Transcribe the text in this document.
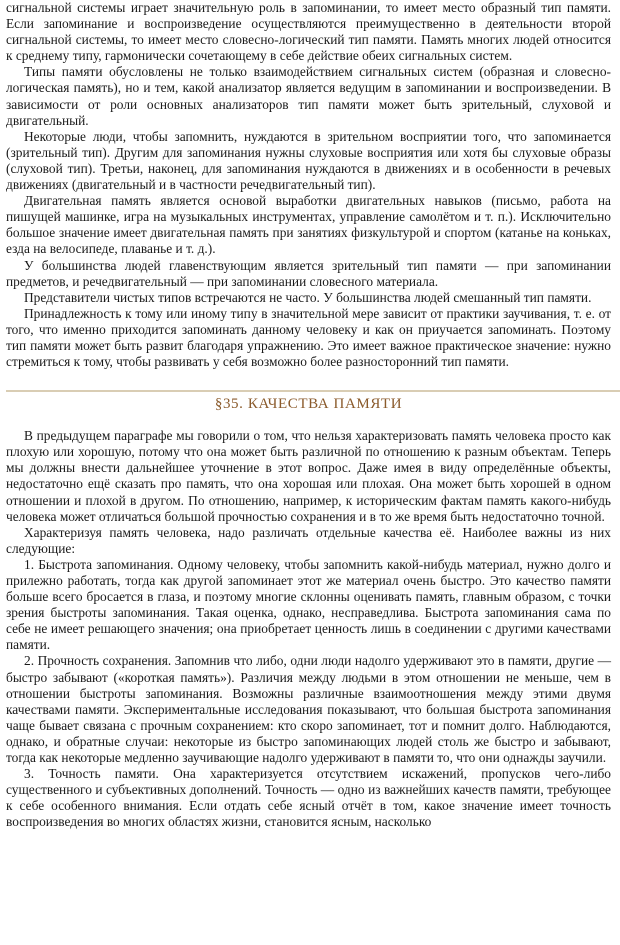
сигнальной системы играет значительную роль в запоминании, то имеет место образный тип памяти. Если запоминание и воспроизведение осуществляются преимущественно в деятельности второй сигнальной системы, то имеет место словесно-логический тип памяти. Память многих людей относится к среднему типу, гармонически сочетающему в себе действие обеих сигнальных систем.

Типы памяти обусловлены не только взаимодействием сигнальных систем (образная и словесно-логическая память), но и тем, какой анализатор является ведущим в запоминании и воспроизведении. В зависимости от роли основных анализаторов тип памяти может быть зрительный, слуховой и двигательный.

Некоторые люди, чтобы запомнить, нуждаются в зрительном восприятии того, что запоминается (зрительный тип). Другим для запоминания нужны слуховые восприятия или хотя бы слуховые образы (слуховой тип). Третьи, наконец, для запоминания нуждаются в движениях и в особенности в речевых движениях (двигательный и в частности речедвигательный тип).

Двигательная память является основой выработки двигательных навыков (письмо, работа на пишущей машинке, игра на музыкальных инструментах, управление самолётом и т. п.). Исключительно большое значение имеет двигательная память при занятиях физкультурой и спортом (катанье на коньках, езда на велосипеде, плаванье и т. д.).

У большинства людей главенствующим является зрительный тип памяти — при запоминании предметов, и речедвигательный — при запоминании словесного материала.

Представители чистых типов встречаются не часто. У большинства людей смешанный тип памяти.

Принадлежность к тому или иному типу в значительной мере зависит от практики заучивания, т. е. от того, что именно приходится запоминать данному человеку и как он приучается запоминать. Поэтому тип памяти может быть развит благодаря упражнению. Это имеет важное практическое значение: нужно стремиться к тому, чтобы развивать у себя возможно более разносторонний тип памяти.

§35. КАЧЕСТВА ПАМЯТИ

В предыдущем параграфе мы говорили о том, что нельзя характеризовать память человека просто как плохую или хорошую, потому что она может быть различной по отношению к разным объектам. Теперь мы должны внести дальнейшее уточнение в этот вопрос. Даже имея в виду определённые объекты, недостаточно ещё сказать про память, что она хорошая или плохая. Она может быть хорошей в одном отношении и плохой в другом. По отношению, например, к историческим фактам память какого-нибудь человека может отличаться большой прочностью сохранения и в то же время быть недостаточно точной.

Характеризуя память человека, надо различать отдельные качества её. Наиболее важны из них следующие:

1. Быстрота запоминания. Одному человеку, чтобы запомнить какой-нибудь материал, нужно долго и прилежно работать, тогда как другой запоминает этот же материал очень быстро. Это качество памяти больше всего бросается в глаза, и поэтому многие склонны оценивать память, главным образом, с точки зрения быстроты запоминания. Такая оценка, однако, несправедлива. Быстрота запоминания сама по себе не имеет решающего значения; она приобретает ценность лишь в соединении с другими качествами памяти.

2. Прочность сохранения. Запомнив что либо, одни люди надолго удерживают это в памяти, другие — быстро забывают («короткая память»). Различия между людьми в этом отношении не меньше, чем в отношении быстроты запоминания. Возможны различные взаимоотношения между этими двумя качествами памяти. Экспериментальные исследования показывают, что большая быстрота запоминания чаще бывает связана с прочным сохранением: кто скоро запоминает, тот и помнит долго. Наблюдаются, однако, и обратные случаи: некоторые из быстро запоминающих людей столь же быстро и забывают, тогда как некоторые медленно заучивающие надолго удерживают в памяти то, что они однажды заучили.

3. Точность памяти. Она характеризуется отсутствием искажений, пропусков чего-либо существенного и субъективных дополнений. Точность — одно из важнейших качеств памяти, требующее к себе особенного внимания. Если отдать себе ясный отчёт в том, какое значение имеет точность воспроизведения во многих областях жизни, становится ясным, насколько
